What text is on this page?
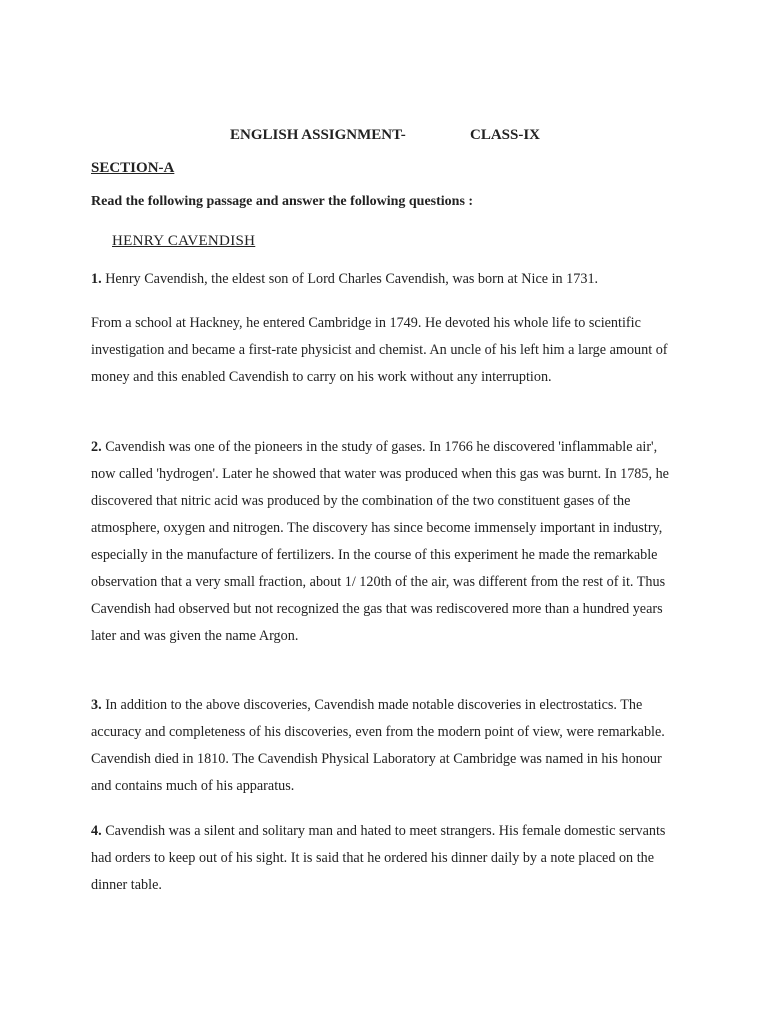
ENGLISH ASSIGNMENT-	CLASS-IX
SECTION-A
Read the following passage and answer the following questions :
HENRY CAVENDISH

1. Henry Cavendish, the eldest son of Lord Charles Cavendish, was born at Nice in 1731.

From a school at Hackney, he entered Cambridge in 1749. He devoted his whole life to scientific investigation and became a first-rate physicist and chemist. An uncle of his left him a large amount of money and this enabled Cavendish to carry on his work without any interruption.

2. Cavendish was one of the pioneers in the study of gases. In 1766 he discovered 'inflammable air', now called 'hydrogen'. Later he showed that water was produced when this gas was burnt. In 1785, he discovered that nitric acid was produced by the combination of the two constituent gases of the atmosphere, oxygen and nitrogen. The discovery has since become immensely important in industry, especially in the manufacture of fertilizers. In the course of this experiment he made the remarkable observation that a very small fraction, about 1/ 120th of the air, was different from the rest of it. Thus Cavendish had observed but not recognized the gas that was rediscovered more than a hundred years later and was given the name Argon.

3. In addition to the above discoveries, Cavendish made notable discoveries in electrostatics. The accuracy and completeness of his discoveries, even from the modern point of view, were remarkable. Cavendish died in 1810. The Cavendish Physical Laboratory at Cambridge was named in his honour and contains much of his apparatus.

4. Cavendish was a silent and solitary man and hated to meet strangers. His female domestic servants had orders to keep out of his sight. It is said that he ordered his dinner daily by a note placed on the dinner table.
